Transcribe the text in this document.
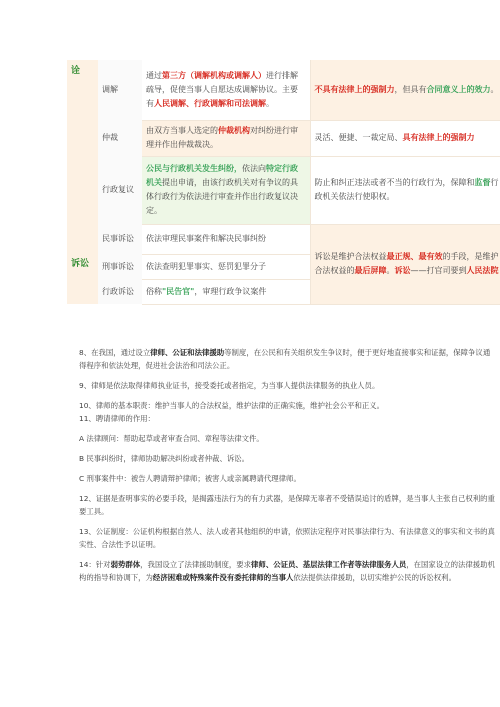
诠	调解	通过第三方（调解机构或调解人）进行排解疏导，促使当事人自愿达成调解协议。主要有人民调解、行政调解和司法调解。	不具有法律上的强制力，但具有合同意义上的效力。
	仲裁	由双方当事人选定的仲裁机构对纠纷进行审理并作出仲裁裁决。	灵活、便捷、一裁定局、具有法律上的强制力
	行政复议	公民与行政机关发生纠纷，依法向特定行政机关提出申请，由该行政机关对有争议的具体行政行为依法进行审查并作出行政复议决定。	防止和纠正违法或者不当的行政行为，保障和监督行政机关依法行使职权。
诉讼	民事诉讼	依法审理民事案件和解决民事纠纷	诉讼是维护合法权益最正规、最有效的手段，是维护合法权益的最后屏障。诉讼——打官司要到人民法院
	刑事诉讼	依法查明犯罪事实、惩罚犯罪分子	
	行政诉讼	俗称"民告官"，审理行政争议案件	

8、在我国，通过设立律师、公证和法律援助等制度，在公民和有关组织发生争议时，便于更好地直接事实和证据，保障争议通得程序和依法处理，促进社会法治和司法公正。

9、律师是依法取得律师执业证书，接受委托或者指定，为当事人提供法律服务的执业人员。

10、律师的基本职责：维护当事人的合法权益，维护法律的正确实施，维护社会公平和正义。

11、聘请律师的作用：

A 法律顾问：帮助起草或者审查合同、章程等法律文件。

B 民事纠纷时，律师协助解决纠纷或者仲裁、诉讼。

C 刑事案件中：被告人聘请辩护律师；被害人或亲属聘请代理律师。

12、证据是查明事实的必要手段，是揭露违法行为的有力武器，是保障无辜者不受错误追讨的盾牌，是当事人主张自己权利的重要工具。

13、公证制度：公证机构根据自然人、法人或者其他组织的申请，依照法定程序对民事法律行为、有法律意义的事实和文书的真实性、合法性予以证明。

14：针对弱势群体，我国设立了法律援助制度，要求律师、公证员、基层法律工作者等法律服务人员，在国家设立的法律援助机构的指导和协调下，为经济困难或特殊案件没有委托律师的当事人依法提供法律援助，以切实维护公民的诉讼权利。
